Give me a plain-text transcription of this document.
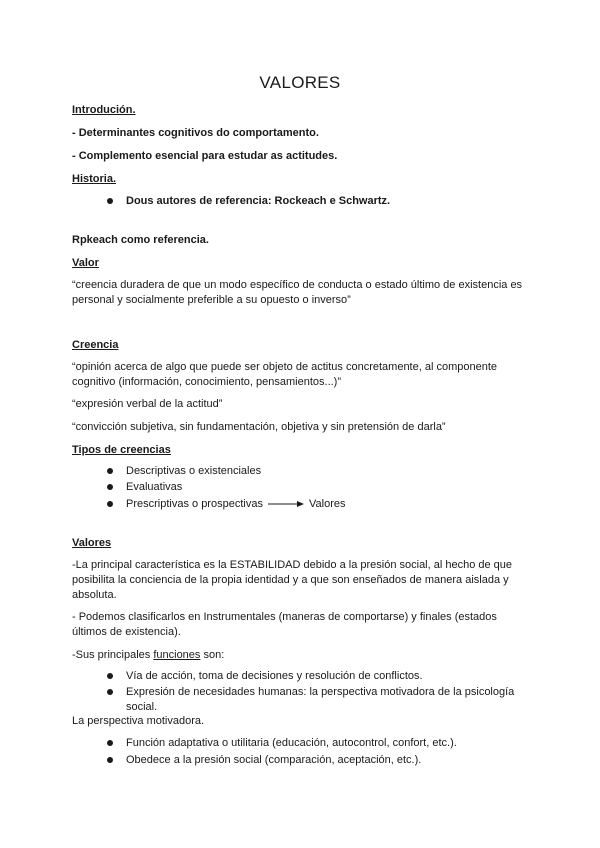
VALORES
Introdución.
- Determinantes cognitivos do comportamento.
- Complemento esencial para estudar as actitudes.
Historia.
Dous autores de referencia: Rockeach e Schwartz.
Rpkeach como referencia.
Valor
“creencia duradera de que un modo específico de conducta o estado último de existencia es
personal y socialmente preferible a su opuesto o inverso”
Creencia
“opinión acerca de algo que puede ser objeto de actitus concretamente, al componente
cognitivo (información, conocimiento, pensamientos...)”
“expresión verbal de la actitud”
“convicción subjetiva, sin fundamentación, objetiva y sin pretensión de darla”
Tipos de creencias
Descriptivas o existenciales
Evaluativas
Prescriptivas o prospectivas	Valores
Valores
-La principal característica es la ESTABILIDAD debido a la presión social, al hecho de que
posibilita la conciencia de la propia identidad y a que son enseñados de manera aislada y
absoluta.
- Podemos clasificarlos en Instrumentales (maneras de comportarse) y finales (estados
últimos de existencia).
-Sus principales funciones son:
Vía de acción, toma de decisiones y resolución de conflictos.
Expresión de necesidades humanas: la perspectiva motivadora de la psicología
social.
La perspectiva motivadora.
Función adaptativa o utilitaria (educación, autocontrol, confort, etc.).
Obedece a la presión social (comparación, aceptación, etc.).
